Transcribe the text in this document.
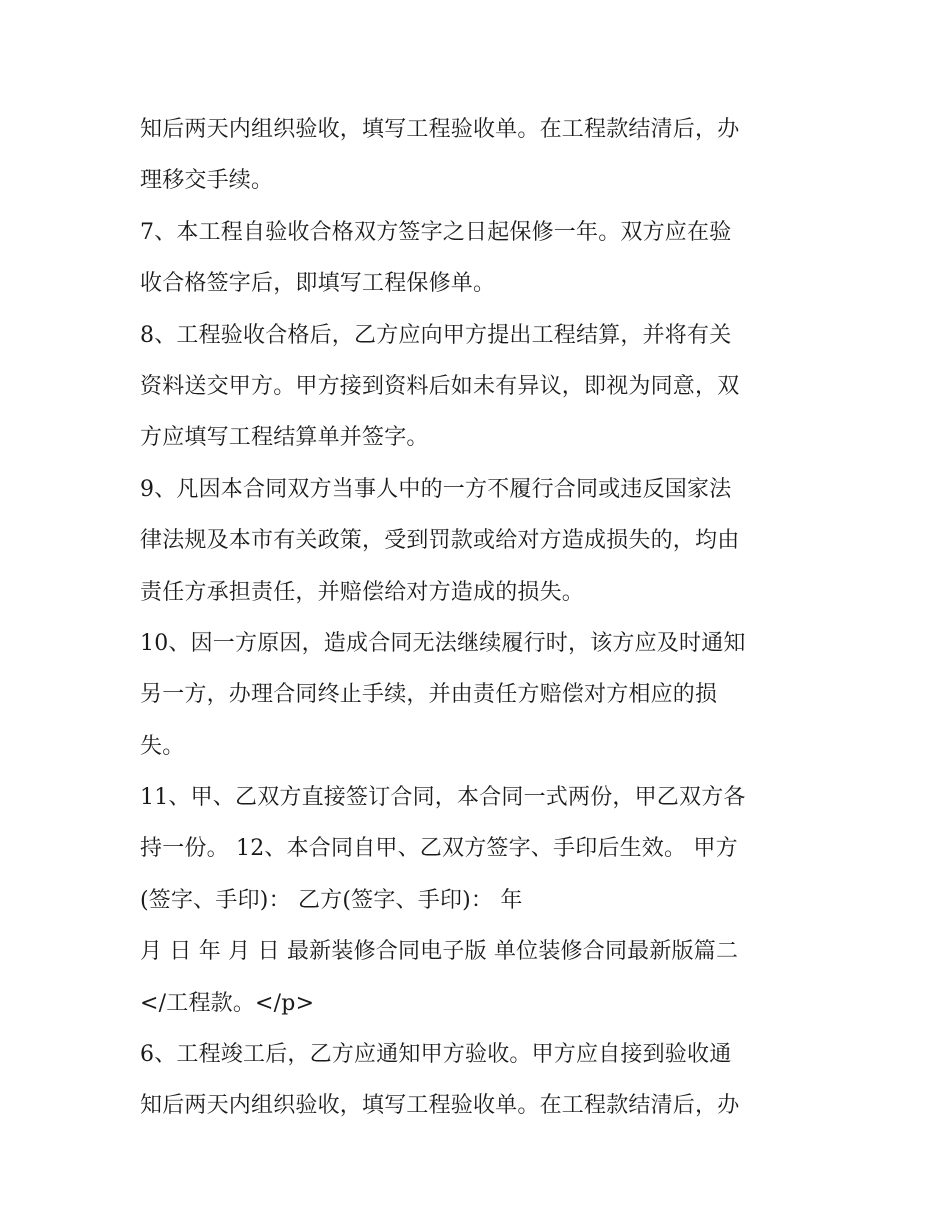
知后两天内组织验收，填写工程验收单。在工程款结清后，办
理移交手续。
7、本工程自验收合格双方签字之日起保修一年。双方应在验
收合格签字后，即填写工程保修单。
8、工程验收合格后，乙方应向甲方提出工程结算，并将有关
资料送交甲方。甲方接到资料后如未有异议，即视为同意，双
方应填写工程结算单并签字。
9、凡因本合同双方当事人中的一方不履行合同或违反国家法
律法规及本市有关政策，受到罚款或给对方造成损失的，均由
责任方承担责任，并赔偿给对方造成的损失。
10、因一方原因，造成合同无法继续履行时，该方应及时通知
另一方，办理合同终止手续，并由责任方赔偿对方相应的损
失。
11、甲、乙双方直接签订合同，本合同一式两份，甲乙双方各
持一份。 12、本合同自甲、乙双方签字、手印后生效。 甲方
(签字、手印)： 乙方(签字、手印)： 年
月 日 年 月 日 最新装修合同电子版 单位装修合同最新版篇二
</工程款。</p>
6、工程竣工后，乙方应通知甲方验收。甲方应自接到验收通
知后两天内组织验收，填写工程验收单。在工程款结清后，办
